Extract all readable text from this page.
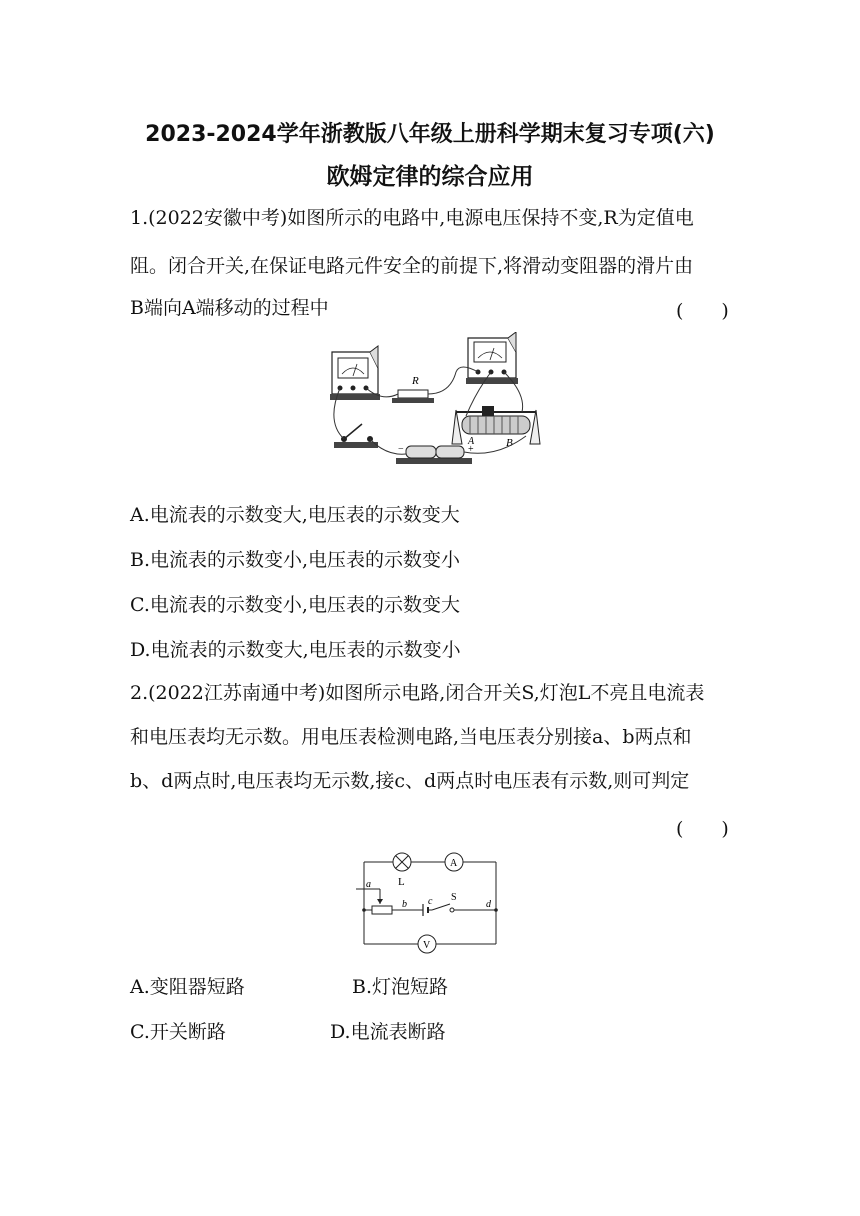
2023-2024学年浙教版八年级上册科学期末复习专项(六)
欧姆定律的综合应用
1.(2022安徽中考)如图所示的电路中,电源电压保持不变,R为定值电
阻。闭合开关,在保证电路元件安全的前提下,将滑动变阻器的滑片由
B端向A端移动的过程中	(　　)
R
A	B
−	+
A.电流表的示数变大,电压表的示数变大
B.电流表的示数变小,电压表的示数变小
C.电流表的示数变小,电压表的示数变大
D.电流表的示数变大,电压表的示数变小
2.(2022江苏南通中考)如图所示电路,闭合开关S,灯泡L不亮且电流表
和电压表均无示数。用电压表检测电路,当电压表分别接a、b两点和
b、d两点时,电压表均无示数,接c、d两点时电压表有示数,则可判定
(　　)
A
V
L
S
a
b c	d
A.变阻器短路	B.灯泡短路
C.开关断路	D.电流表断路
